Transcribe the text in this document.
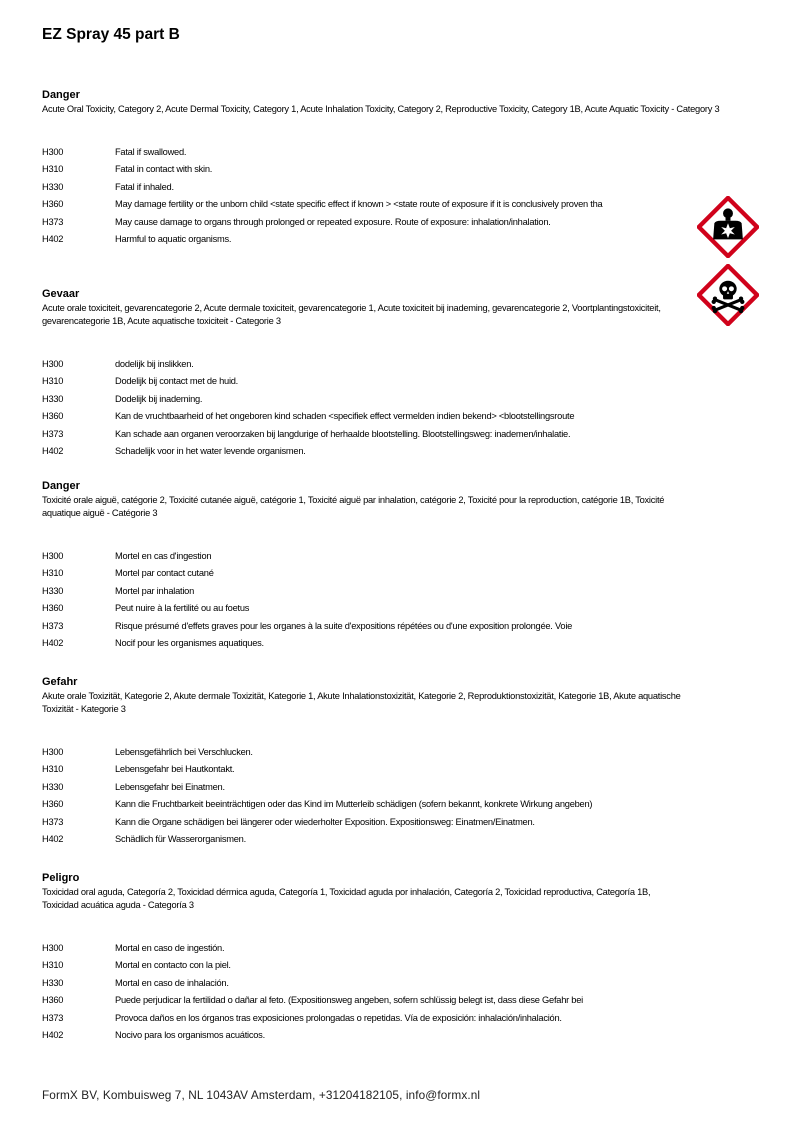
EZ Spray 45 part B
Danger
Acute Oral Toxicity, Category 2, Acute Dermal Toxicity, Category 1, Acute Inhalation Toxicity, Category 2, Reproductive Toxicity, Category 1B, Acute Aquatic Toxicity - Category 3
H300	Fatal if swallowed.
H310	Fatal in contact with skin.
H330	Fatal if inhaled.
H360	May damage fertility or the unborn child <state specific effect if known > <state route of exposure if it is conclusively proven tha
H373	May cause damage to organs through prolonged or repeated exposure. Route of exposure: inhalation/inhalation.
H402	Harmful to aquatic organisms.
Gevaar
Acute orale toxiciteit, gevarencategorie 2, Acute dermale toxiciteit, gevarencategorie 1, Acute toxiciteit bij inademing, gevarencategorie 2, Voortplantingstoxiciteit, gevarencategorie 1B, Acute aquatische toxiciteit - Categorie 3
H300	dodelijk bij inslikken.
H310	Dodelijk bij contact met de huid.
H330	Dodelijk bij inademing.
H360	Kan de vruchtbaarheid of het ongeboren kind schaden <specifiek effect vermelden indien bekend> <blootstellingsroute
H373	Kan schade aan organen veroorzaken bij langdurige of herhaalde blootstelling. Blootstellingsweg: inademen/inhalatie.
H402	Schadelijk voor in het water levende organismen.
Danger
Toxicité orale aiguë, catégorie 2, Toxicité cutanée aiguë, catégorie 1, Toxicité aiguë par inhalation, catégorie 2, Toxicité pour la reproduction, catégorie 1B, Toxicité aquatique aiguë - Catégorie 3
H300	Mortel en cas d'ingestion
H310	Mortel par contact cutané
H330	Mortel par inhalation
H360	Peut nuire à la fertilité ou au foetus
H373	Risque présumé d'effets graves pour les organes à la suite d'expositions répétées ou d'une exposition prolongée. Voie
H402	Nocif pour les organismes aquatiques.
Gefahr
Akute orale Toxizität, Kategorie 2, Akute dermale Toxizität, Kategorie 1, Akute Inhalationstoxizität, Kategorie 2, Reproduktionstoxizität, Kategorie 1B, Akute aquatische Toxizität - Kategorie 3
H300	Lebensgefährlich bei Verschlucken.
H310	Lebensgefahr bei Hautkontakt.
H330	Lebensgefahr bei Einatmen.
H360	Kann die Fruchtbarkeit beeinträchtigen oder das Kind im Mutterleib schädigen (sofern bekannt, konkrete Wirkung angeben)
H373	Kann die Organe schädigen bei längerer oder wiederholter Exposition. Expositionsweg: Einatmen/Einatmen.
H402	Schädlich für Wasserorganismen.
Peligro
Toxicidad oral aguda, Categoría 2, Toxicidad dérmica aguda, Categoría 1, Toxicidad aguda por inhalación, Categoría 2, Toxicidad reproductiva, Categoría 1B, Toxicidad acuática aguda - Categoría 3
H300	Mortal en caso de ingestión.
H310	Mortal en contacto con la piel.
H330	Mortal en caso de inhalación.
H360	Puede perjudicar la fertilidad o dañar al feto. (Expositionsweg angeben, sofern schlüssig belegt ist, dass diese Gefahr bei
H373	Provoca daños en los órganos tras exposiciones prolongadas o repetidas. Vía de exposición: inhalación/inhalación.
H402	Nocivo para los organismos acuáticos.
FormX BV, Kombuisweg 7, NL 1043AV Amsterdam, +31204182105, info@formx.nl
